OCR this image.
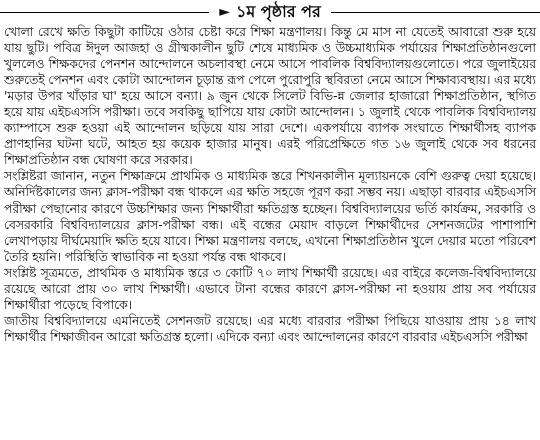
► ১ম পৃষ্ঠার পর

খোলা রেখে ক্ষতি কিছুটা কাটিয়ে ওঠার চেষ্টা করে শিক্ষা মন্ত্রণালয়। কিন্তু মে মাস না যেতেই আবারো শুরু হয়ে যায় ছুটি। পবিত্র ঈদুল আজহা ও গ্রীষ্মকালীন ছুটি শেষে মাধ্যমিক ও উচ্চমাধ্যমিক পর্যায়ের শিক্ষাপ্রতিষ্ঠানগুলো খুললেও শিক্ষকদের পেনশন আন্দোলনে অচলাবস্থা নেমে আসে পাবলিক বিশ্ববিদ্যালয়গুলোতে। পরে জুলাইয়ের শুরুতেই পেনশন এবং কোটা আন্দোলন চূড়ান্ত রূপ পেলে পুরোপুরি স্থবিরতা নেমে আসে শিক্ষাব্যবস্থায়। এর মধ্যে 'মড়ার উপর খাঁড়ার ঘা' হয়ে আসে বন্যা। ৯ জুন থেকে সিলেট বিভি-ন্ন জেলার হাজারো শিক্ষাপ্রতিষ্ঠান, স্থগিত হয়ে যায় এইচএসসি পরীক্ষা। তবে সবকিছু ছাপিয়ে যায় কোটা আন্দোলন। ১ জুলাই থেকে পাবলিক বিশ্ববিদ্যালয় ক্যাম্পাসে শুরু হওয়া এই আন্দোলন ছড়িয়ে যায় সারা দেশে। একপর্যায়ে ব্যাপক সংঘাতে শিক্ষার্থীসহ ব্যাপক প্রাণহানির ঘটনা ঘটে, আহত হয় কয়েক হাজার মানুষ। এরই পরিপ্রেক্ষিতে গত ১৬ জুলাই থেকে সব ধরনের শিক্ষাপ্রতিষ্ঠান বন্ধ ঘোষণা করে সরকার।

সংশ্লিষ্টরা জানান, নতুন শিক্ষাক্রমে প্রাথমিক ও মাধ্যমিক স্তরে শিখনকালীন মূল্যায়নকে বেশি গুরুত্ব দেয়া হয়েছে। অনির্দিষ্টকালের জন্য ক্লাস-পরীক্ষা বন্ধ থাকলে এর ক্ষতি সহজে পূরণ করা সম্ভব নয়। এছাড়া বারবার এইচএসসি পরীক্ষা পেছানোর কারণে উচ্চশিক্ষার জন্য শিক্ষার্থীরা ক্ষতিগ্রস্ত হচ্ছেন। বিশ্ববিদ্যালয়ের ভর্তি কার্যক্রম, সরকারি ও বেসরকারি বিশ্ববিদ্যালয়ের ক্লাস-পরীক্ষা বন্ধ। এই বন্ধের মেয়াদ বাড়লে শিক্ষার্থীদের সেশনজটের পাশাপাশি লেখাপড়ায় দীর্ঘমেয়াদি ক্ষতি হয়ে যাবে। শিক্ষা মন্ত্রণালয় বলছে, এখনো শিক্ষাপ্রতিষ্ঠান খুলে দেয়ার মতো পরিবেশ তৈরি হয়নি। পরিস্থিতি স্বাভাবিক না হওয়া পর্যন্ত বন্ধ থাকবে।

সংশ্লিষ্ট সূত্রমতে, প্রাথমিক ও মাধ্যমিক স্তরে ৩ কোটি ৭০ লাখ শিক্ষার্থী রয়েছে। এর বাইরে কলেজ-বিশ্ববিদ্যালয়ে রয়েছে আরো প্রায় ৩০ লাখ শিক্ষার্থী। এভাবে টানা বন্ধের কারণে ক্লাস-পরীক্ষা না হওয়ায় প্রায় সব পর্যায়ের শিক্ষার্থীরা পড়েছে বিপাকে।

জাতীয় বিশ্ববিদ্যালয়ে এমনিতেই সেশনজট রয়েছে। এর মধ্যে বারবার পরীক্ষা পিছিয়ে যাওয়ায় প্রায় ১৪ লাখ শিক্ষার্থীর শিক্ষাজীবন আরো ক্ষতিগ্রস্ত হলো। এদিকে বন্যা এবং আন্দোলনের কারণে বারবার এইচএসসি পরীক্ষা
